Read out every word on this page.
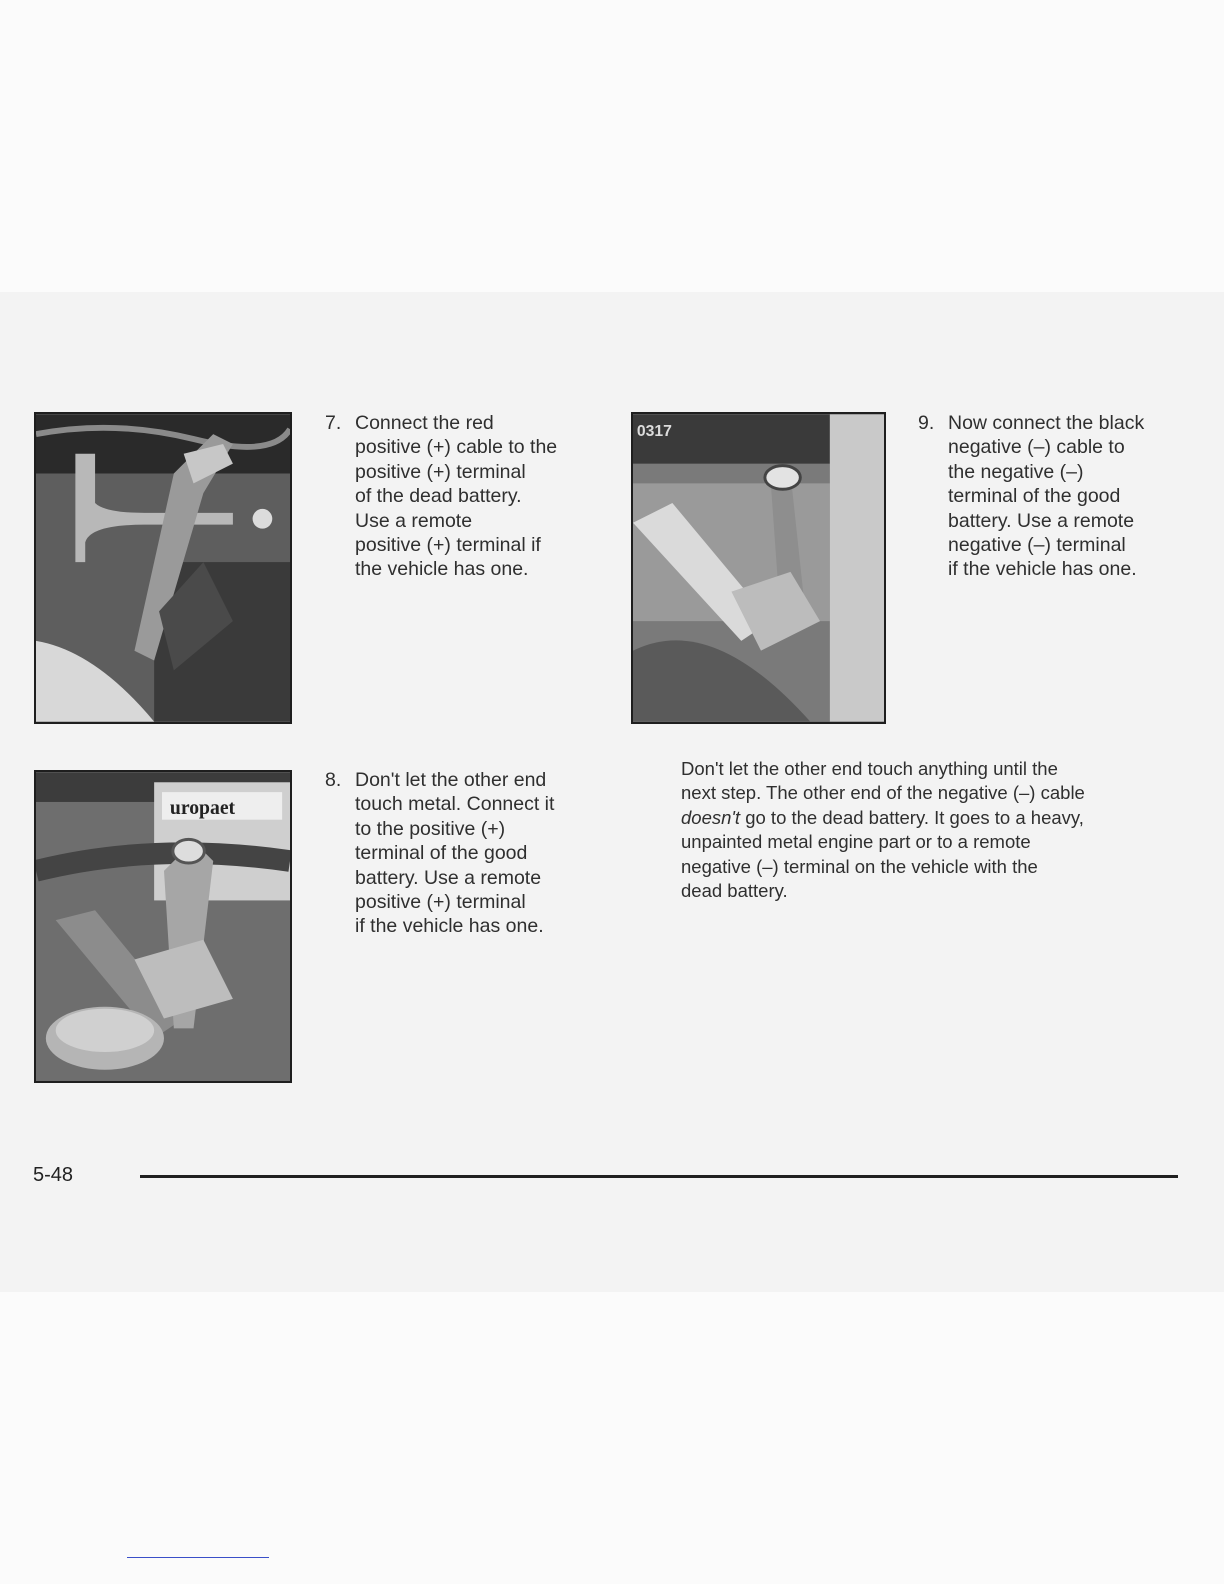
uropaet
0317
7. Connect the red
positive (+) cable to the
positive (+) terminal
of the dead battery.
Use a remote
positive (+) terminal if
the vehicle has one.
8. Don't let the other end
touch metal. Connect it
to the positive (+)
terminal of the good
battery. Use a remote
positive (+) terminal
if the vehicle has one.
9. Now connect the black
negative (–) cable to
the negative (–)
terminal of the good
battery. Use a remote
negative (–) terminal
if the vehicle has one.
Don't let the other end touch anything until the
next step. The other end of the negative (–) cable
doesn't go to the dead battery. It goes to a heavy,
unpainted metal engine part or to a remote
negative (–) terminal on the vehicle with the
dead battery.
5-48
